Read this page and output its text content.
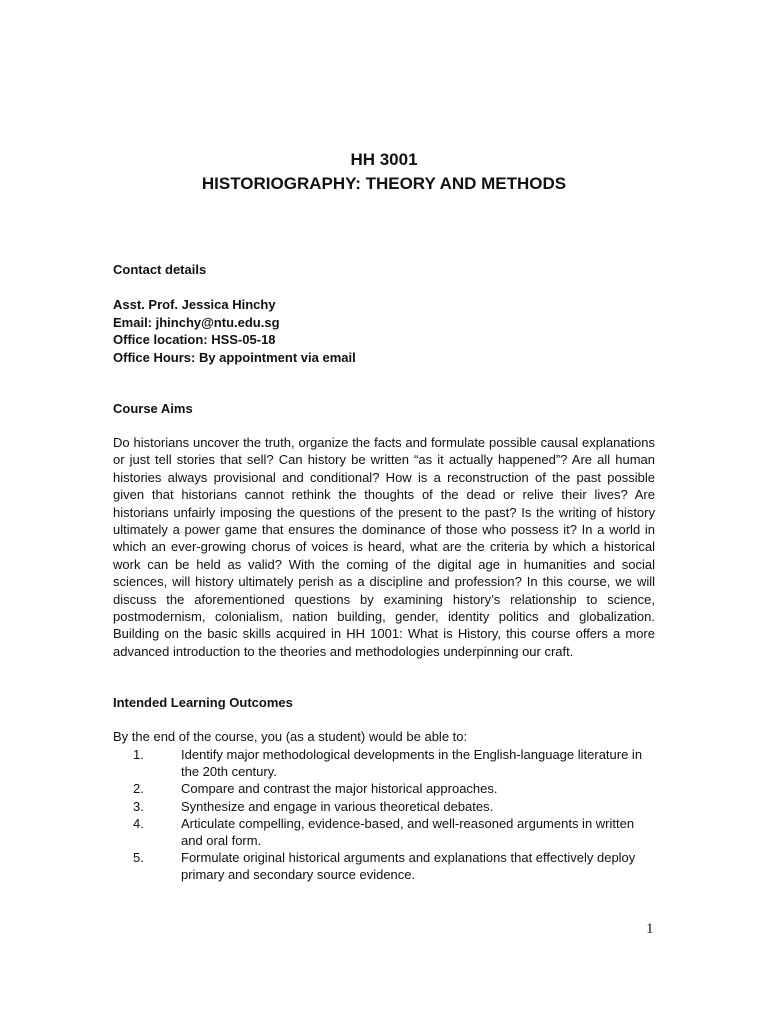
HH 3001
HISTORIOGRAPHY: THEORY AND METHODS
Contact details
Asst. Prof. Jessica Hinchy
Email: jhinchy@ntu.edu.sg
Office location: HSS-05-18
Office Hours: By appointment via email
Course Aims
Do historians uncover the truth, organize the facts and formulate possible causal explanations or just tell stories that sell? Can history be written “as it actually happened”? Are all human histories always provisional and conditional? How is a reconstruction of the past possible given that historians cannot rethink the thoughts of the dead or relive their lives? Are historians unfairly imposing the questions of the present to the past? Is the writing of history ultimately a power game that ensures the dominance of those who possess it? In a world in which an ever-growing chorus of voices is heard, what are the criteria by which a historical work can be held as valid? With the coming of the digital age in humanities and social sciences, will history ultimately perish as a discipline and profession? In this course, we will discuss the aforementioned questions by examining history’s relationship to science, postmodernism, colonialism, nation building, gender, identity politics and globalization. Building on the basic skills acquired in HH 1001: What is History, this course offers a more advanced introduction to the theories and methodologies underpinning our craft.
Intended Learning Outcomes
By the end of the course, you (as a student) would be able to:
1.	Identify major methodological developments in the English-language literature in the 20th century.
2.	Compare and contrast the major historical approaches.
3.	Synthesize and engage in various theoretical debates.
4.	Articulate compelling, evidence-based, and well-reasoned arguments in written and oral form.
5.	Formulate original historical arguments and explanations that effectively deploy primary and secondary source evidence.
1
